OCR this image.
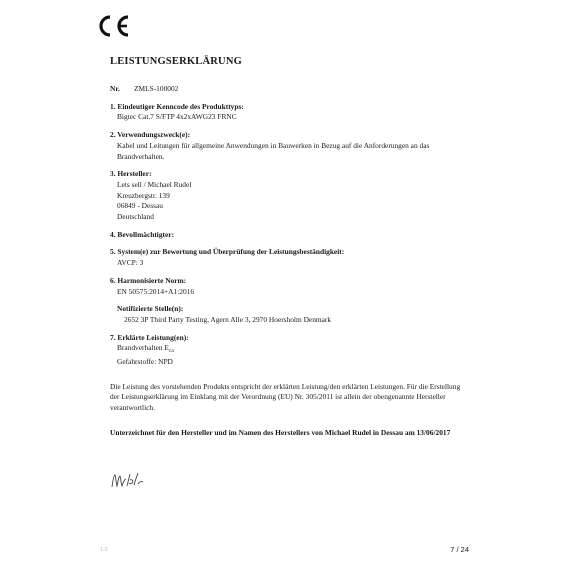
LEISTUNGSERKLÄRUNG
Nr.	ZMLS-100002
1. Eindeutiger Kenncode des Produkttyps:
Bigtec Cat.7 S/FTP 4x2xAWG23 FRNC
2. Verwendungszweck(e):
Kabel und Leitungen für allgemeine Anwendungen in Bauwerken in Bezug auf die Anforderungen an das Brandverhalten.
3. Hersteller:
Lets sell / Michael Rudel
Kreuzbergstr. 139
06849 - Dessau
Deutschland
4. Bevollmächtigter:
5. System(e) zur Bewertung und Überprüfung der Leistungsbeständigkeit:
AVCP: 3
6. Harmonisierte Norm:
EN 50575:2014+A1:2016
Notifizierte Stelle(n):
2652 3P Third Party Testing, Agern Alle 3, 2970 Hoersholm Denmark
7. Erklärte Leistung(en):
Brandverhalten $E_{ca}$
Gefahrstoffe: NPD
Die Leistung des vorstehenden Produkts entspricht der erklärten Leistung/den erklärten Leistungen. Für die Erstellung der Leistungserklärung im Einklang mit der Verordnung (EU) Nr. 305/2011 ist allein der obengenannte Hersteller verantwortlich.
Unterzeichnet für den Hersteller und im Namen des Herstellers von Michael Rudel in Dessau am 13/06/2017
1.0	7 / 24
